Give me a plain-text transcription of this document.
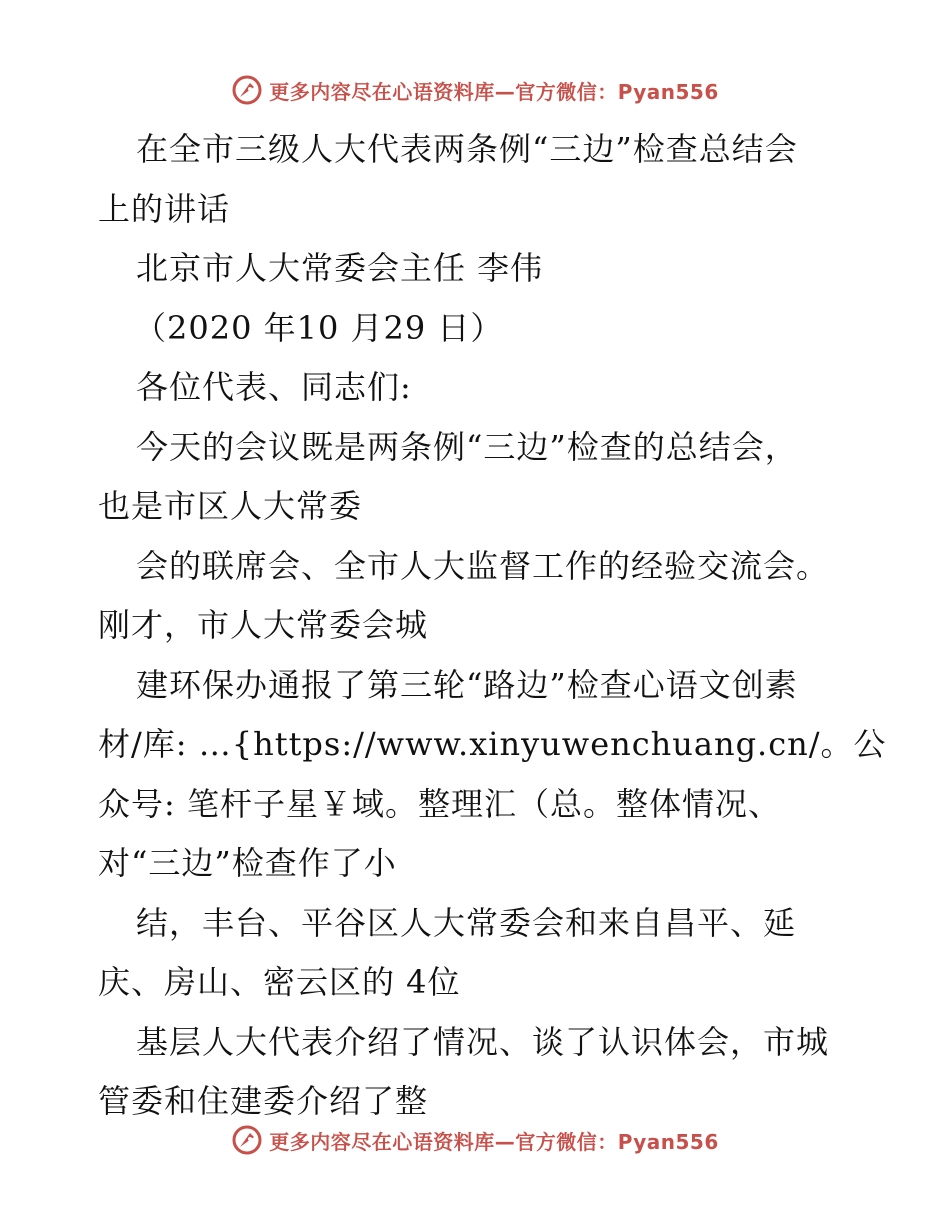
更多内容尽在心语资料库—官方微信：Pyan556
在全市三级人大代表两条例“三边”检查总结会
上的讲话
北京市人大常委会主任 李伟
（2020 年10 月29 日）
各位代表、同志们:
今天的会议既是两条例“三边”检查的总结会，
也是市区人大常委
会的联席会、全市人大监督工作的经验交流会。
刚才，市人大常委会城
建环保办通报了第三轮“路边”检查心语文创素
材/库: …{https://www.xinyuwenchuang.cn/。公
众号: 笔杆子星￥域。整理汇（总。整体情况、
对“三边”检查作了小
结，丰台、平谷区人大常委会和来自昌平、延
庆、房山、密云区的 4位
基层人大代表介绍了情况、谈了认识体会，市城
管委和住建委介绍了整
更多内容尽在心语资料库—官方微信：Pyan556
